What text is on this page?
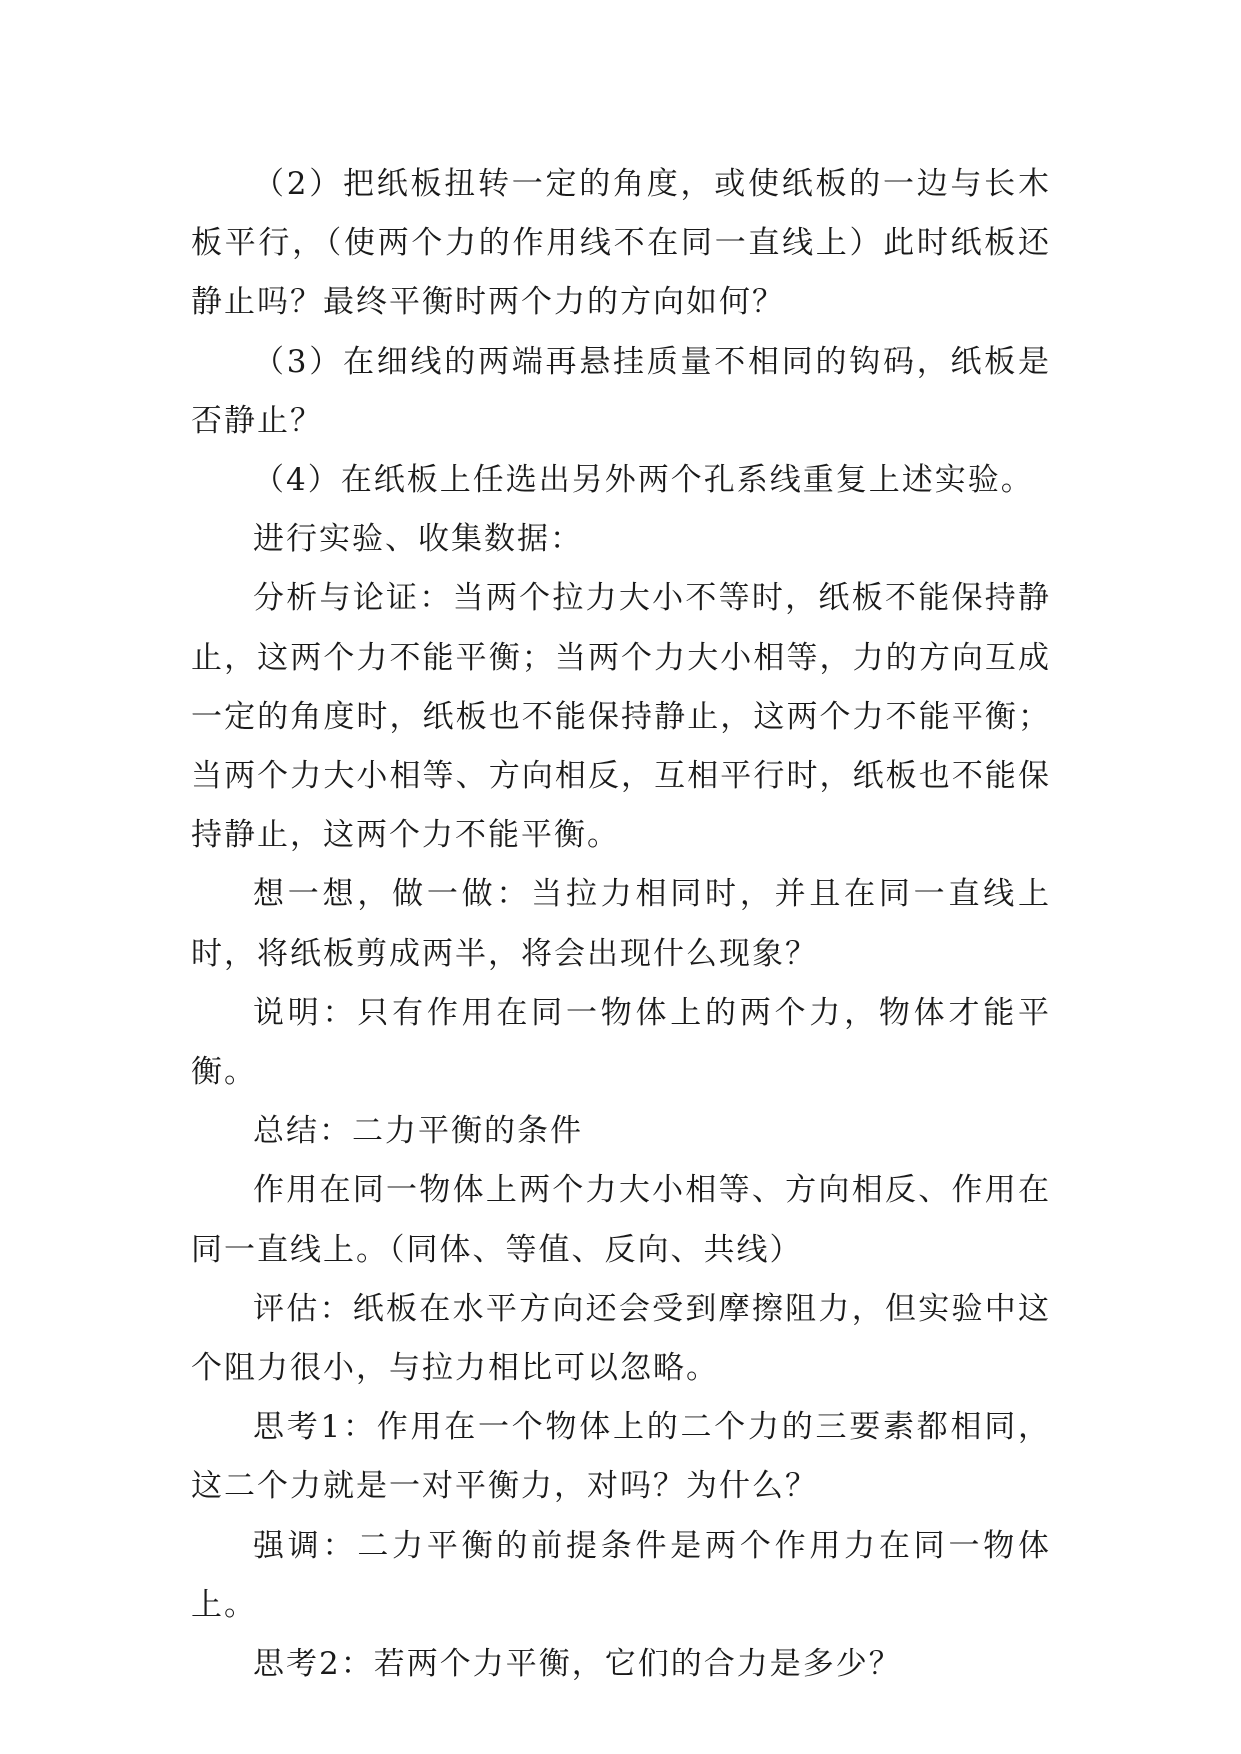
（2）把纸板扭转一定的角度，或使纸板的一边与长木板平行，（使两个力的作用线不在同一直线上）此时纸板还静止吗？最终平衡时两个力的方向如何？

（3）在细线的两端再悬挂质量不相同的钩码，纸板是否静止？

（4）在纸板上任选出另外两个孔系线重复上述实验。

进行实验、收集数据：

分析与论证：当两个拉力大小不等时，纸板不能保持静止，这两个力不能平衡；当两个力大小相等，力的方向互成一定的角度时，纸板也不能保持静止，这两个力不能平衡；当两个力大小相等、方向相反，互相平行时，纸板也不能保持静止，这两个力不能平衡。

想一想，做一做：当拉力相同时，并且在同一直线上时，将纸板剪成两半，将会出现什么现象？

说明：只有作用在同一物体上的两个力，物体才能平衡。

总结：二力平衡的条件

作用在同一物体上两个力大小相等、方向相反、作用在同一直线上。（同体、等值、反向、共线）

评估：纸板在水平方向还会受到摩擦阻力，但实验中这个阻力很小，与拉力相比可以忽略。

思考1：作用在一个物体上的二个力的三要素都相同，这二个力就是一对平衡力，对吗？为什么？

强调：二力平衡的前提条件是两个作用力在同一物体上。

思考2：若两个力平衡，它们的合力是多少？
